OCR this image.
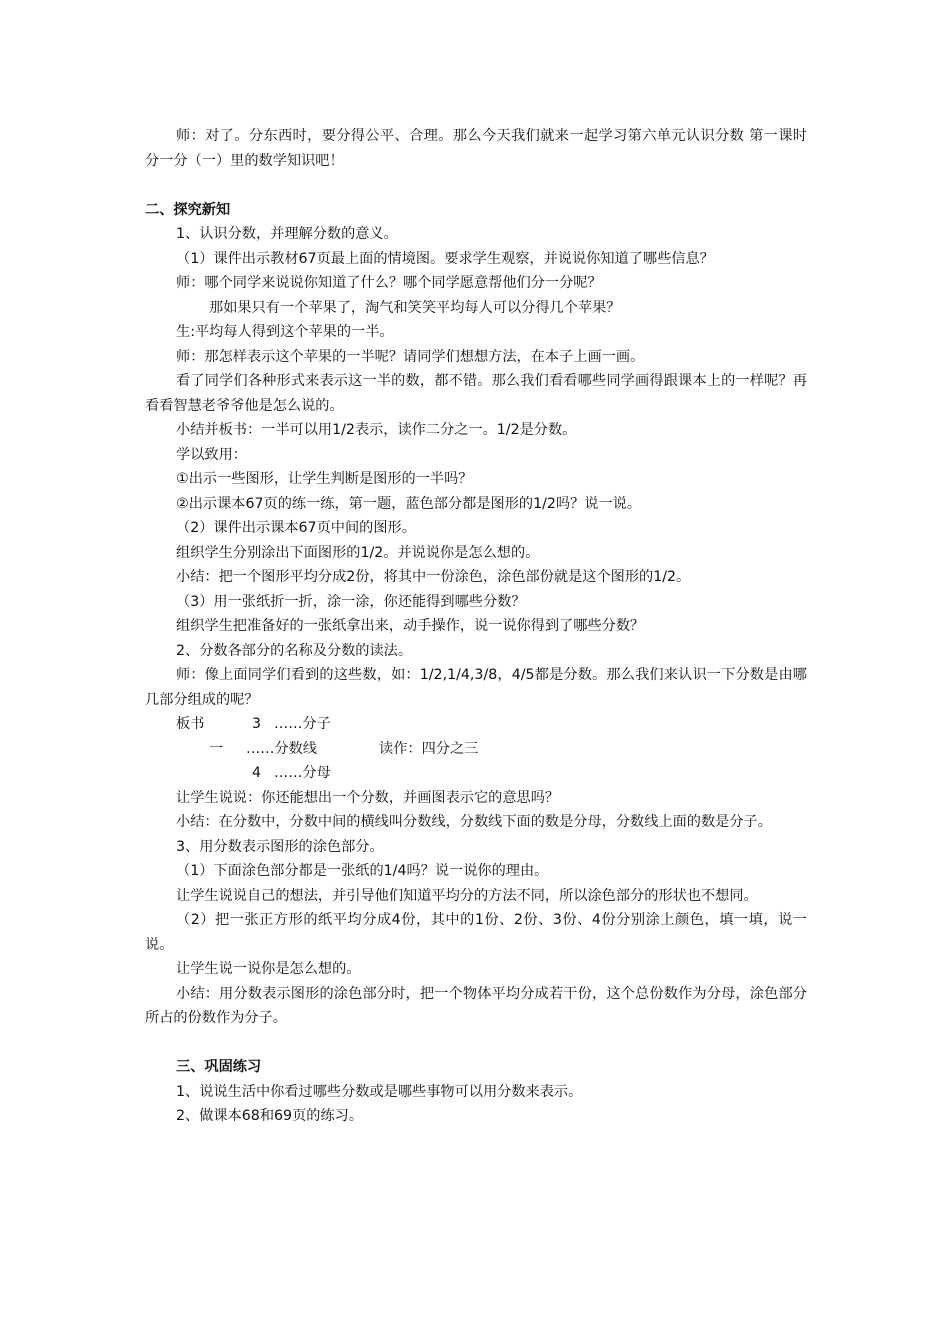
师：对了。分东西时，要分得公平、合理。那么今天我们就来一起学习第六单元认识分数 第一课时 分一分（一）里的数学知识吧！

二、探究新知

1、认识分数，并理解分数的意义。

（1）课件出示教材67页最上面的情境图。要求学生观察，并说说你知道了哪些信息？

师：哪个同学来说说你知道了什么？哪个同学愿意帮他们分一分呢？

那如果只有一个苹果了，淘气和笑笑平均每人可以分得几个苹果？

生:平均每人得到这个苹果的一半。

师：那怎样表示这个苹果的一半呢？请同学们想想方法，在本子上画一画。

看了同学们各种形式来表示这一半的数，都不错。那么我们看看哪些同学画得跟课本上的一样呢？再看看智慧老爷爷他是怎么说的。

小结并板书：一半可以用1/2表示，读作二分之一。1/2是分数。

学以致用：

①出示一些图形，让学生判断是图形的一半吗？

②出示课本67页的练一练，第一题，蓝色部分都是图形的1/2吗？说一说。

（2）课件出示课本67页中间的图形。

组织学生分别涂出下面图形的1/2。并说说你是怎么想的。

小结：把一个图形平均分成2份，将其中一份涂色，涂色部份就是这个图形的1/2。

（3）用一张纸折一折，涂一涂，你还能得到哪些分数？

组织学生把准备好的一张纸拿出来，动手操作，说一说你得到了哪些分数？

2、分数各部分的名称及分数的读法。

师：像上面同学们看到的这些数，如：1/2,1/4,3/8，4/5都是分数。那么我们来认识一下分数是由哪几部分组成的呢？

板书	3 ……分子
一 ……分数线	读作：四分之三
4 ……分母

让学生说说：你还能想出一个分数，并画图表示它的意思吗？

小结：在分数中，分数中间的横线叫分数线，分数线下面的数是分母，分数线上面的数是分子。

3、用分数表示图形的涂色部分。

（1）下面涂色部分都是一张纸的1/4吗？说一说你的理由。

让学生说说自己的想法，并引导他们知道平均分的方法不同，所以涂色部分的形状也不想同。

（2）把一张正方形的纸平均分成4份，其中的1份、2份、3份、4份分别涂上颜色，填一填，说一说。

让学生说一说你是怎么想的。

小结：用分数表示图形的涂色部分时，把一个物体平均分成若干份，这个总份数作为分母，涂色部分所占的份数作为分子。

三、巩固练习

1、说说生活中你看过哪些分数或是哪些事物可以用分数来表示。

2、做课本68和69页的练习。
